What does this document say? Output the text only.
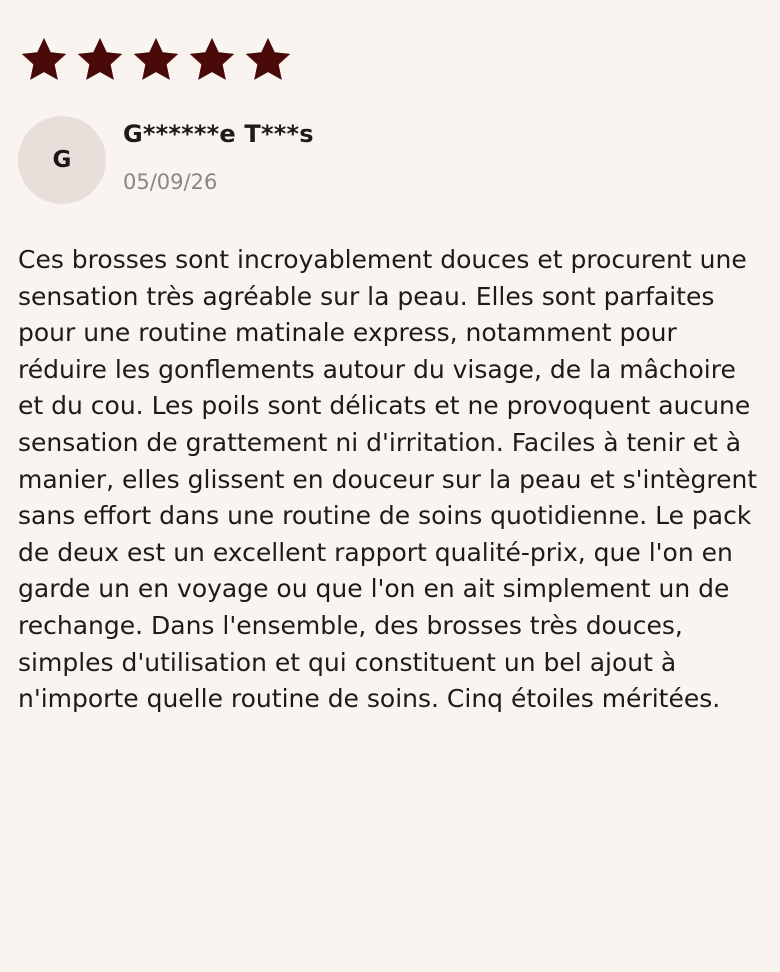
G
G******e T***s
05/09/26

Ces brosses sont incroyablement douces et procurent une sensation très agréable sur la peau. Elles sont parfaites pour une routine matinale express, notamment pour réduire les gonflements autour du visage, de la mâchoire et du cou. Les poils sont délicats et ne provoquent aucune sensation de grattement ni d'irritation. Faciles à tenir et à manier, elles glissent en douceur sur la peau et s'intègrent sans effort dans une routine de soins quotidienne. Le pack de deux est un excellent rapport qualité-prix, que l'on en garde un en voyage ou que l'on en ait simplement un de rechange. Dans l'ensemble, des brosses très douces, simples d'utilisation et qui constituent un bel ajout à n'importe quelle routine de soins. Cinq étoiles méritées.
